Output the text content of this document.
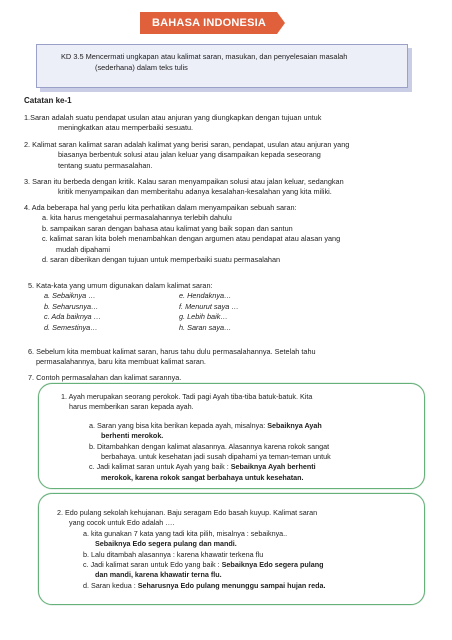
BAHASA INDONESIA
KD 3.5 Mencermati ungkapan atau kalimat saran, masukan, dan penyelesaian masalah
(sederhana) dalam teks tulis
Catatan ke-1
1.Saran adalah suatu pendapat usulan atau anjuran yang diungkapkan dengan tujuan untuk
meningkatkan atau memperbaiki sesuatu.
2. Kalimat saran kalimat saran adalah kalimat yang berisi saran, pendapat, usulan atau anjuran yang
biasanya berbentuk solusi atau jalan keluar yang disampaikan kepada seseorang
tentang suatu permasalahan.
3. Saran itu berbeda dengan kritik. Kalau saran menyampaikan solusi atau jalan keluar, sedangkan
kritik menyampaikan dan memberitahu adanya kesalahan-kesalahan yang kita miliki.
4. Ada beberapa hal yang perlu kita perhatikan dalam menyampaikan sebuah saran:
a. kita harus mengetahui permasalahannya terlebih dahulu
b. sampaikan saran dengan bahasa atau kalimat yang baik sopan dan santun
c. kalimat saran kita boleh menambahkan dengan argumen atau pendapat atau alasan yang
mudah dipahami
d. saran diberikan dengan tujuan untuk memperbaiki suatu permasalahan
5. Kata-kata yang umum digunakan dalam kalimat saran:
a. Sebaiknya …
b. Seharusnya…
c. Ada baiknya …
d. Semestinya…
e. Hendaknya…
f. Menurut saya …
g. Lebih baik…
h. Saran saya…
6. Sebelum kita membuat kalimat saran, harus tahu dulu permasalahannya. Setelah tahu
permasalahannya, baru kita membuat kalimat saran.
7. Contoh permasalahan dan kalimat sarannya.
1. Ayah merupakan seorang perokok. Tadi pagi Ayah tiba-tiba batuk-batuk. Kita
harus memberikan saran kepada ayah.
a. Saran yang bisa kita berikan kepada ayah, misalnya: Sebaiknya Ayah
berhenti merokok.
b. Ditambahkan dengan kalimat alasannya. Alasannya karena rokok sangat
berbahaya. untuk kesehatan jadi susah dipahami ya teman-teman untuk
c. Jadi kalimat saran untuk Ayah yang baik : Sebaiknya Ayah berhenti
merokok, karena rokok sangat berbahaya untuk kesehatan.
2. Edo pulang sekolah kehujanan. Baju seragam Edo basah kuyup. Kalimat saran
yang cocok untuk Edo adalah ….
a. kita gunakan 7 kata yang tadi kita pilih, misalnya : sebaiknya..
Sebaiknya Edo segera pulang dan mandi.
b. Lalu ditambah alasannya : karena khawatir terkena flu
c. Jadi kalimat saran untuk Edo yang baik : Sebaiknya Edo segera pulang
dan mandi, karena khawatir terna flu.
d. Saran kedua : Seharusnya Edo pulang menunggu sampai hujan reda.
